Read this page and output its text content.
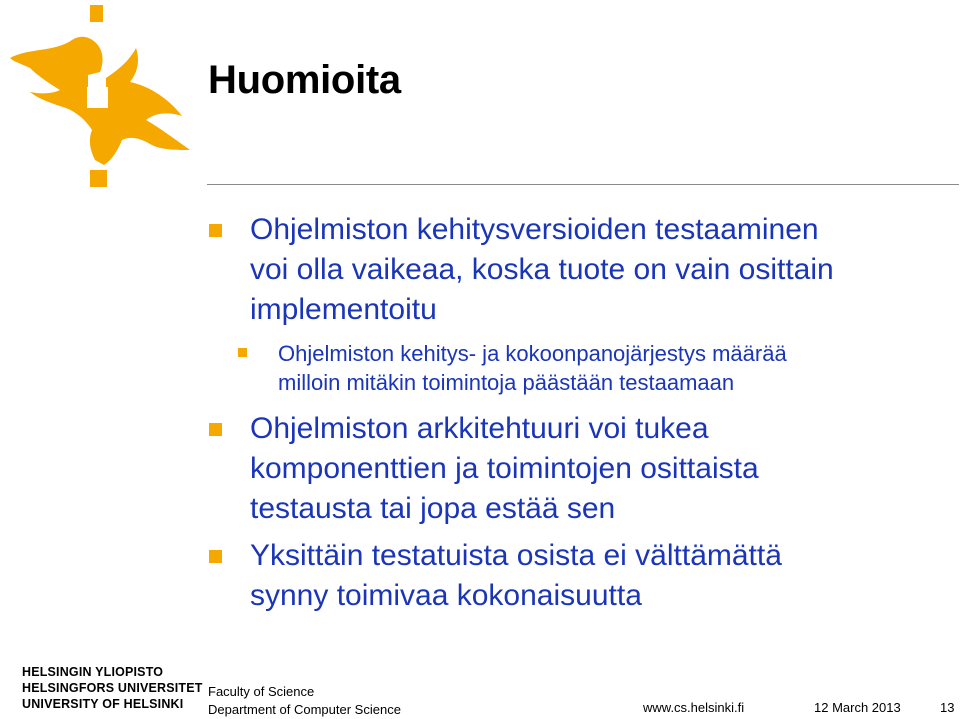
Huomioita
Ohjelmiston kehitysversioiden testaaminen
voi olla vaikeaa, koska tuote on vain osittain
implementoitu
Ohjelmiston kehitys- ja kokoonpanojärjestys määrää
milloin mitäkin toimintoja päästään testaamaan
Ohjelmiston arkkitehtuuri voi tukea
komponenttien ja toimintojen osittaista
testausta tai jopa estää sen
Yksittäin testatuista osista ei välttämättä
synny toimivaa kokonaisuutta
HELSINGIN YLIOPISTO
HELSINGFORS UNIVERSITET
UNIVERSITY OF HELSINKI
Faculty of Science
Department of Computer Science	www.cs.helsinki.fi	12 March 2013	13
